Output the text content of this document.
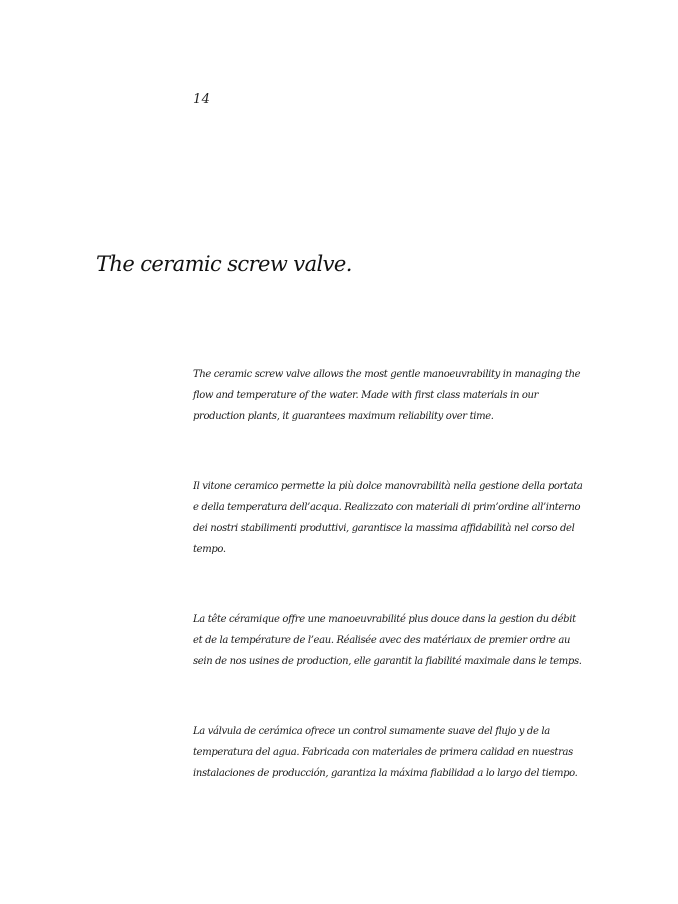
14
The ceramic screw valve.

The ceramic screw valve allows the most gentle manoeuvrability in managing the flow and temperature of the water. Made with first class materials in our production plants, it guarantees maximum reliability over time.

Il vitone ceramico permette la più dolce manovrabilità nella gestione della portata e della temperatura dell’acqua. Realizzato con materiali di prim’ordine all’interno dei nostri stabilimenti produttivi, garantisce la massima affidabilità nel corso del tempo.

La tête céramique offre une manoeuvrabilité plus douce dans la gestion du débit et de la température de l’eau. Réalisée avec des matériaux de premier ordre au sein de nos usines de production, elle garantit la fiabilité maximale dans le temps.

La válvula de cerámica ofrece un control sumamente suave del flujo y de la temperatura del agua. Fabricada con materiales de primera calidad en nuestras instalaciones de producción, garantiza la máxima fiabilidad a lo largo del tiempo.
